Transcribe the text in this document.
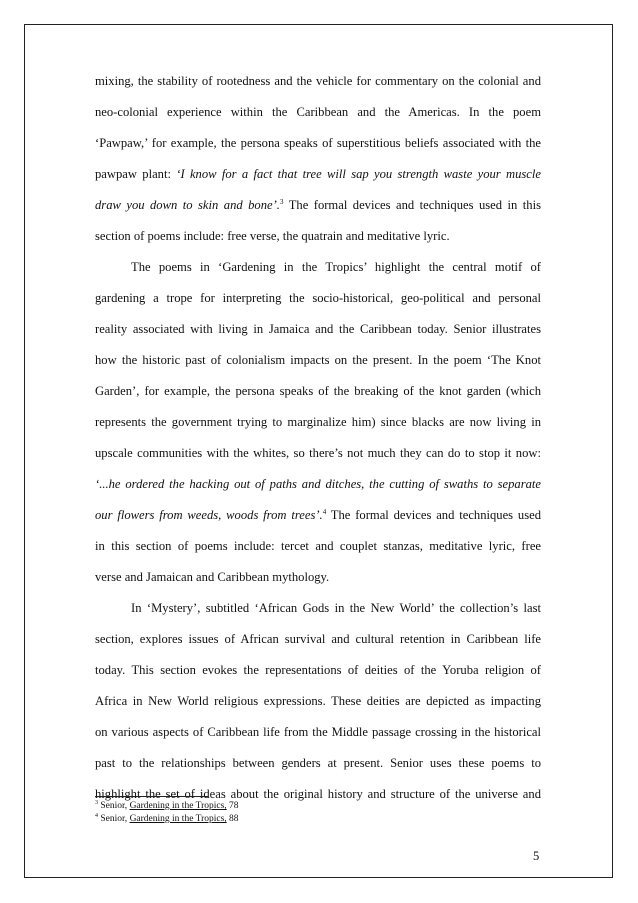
mixing, the stability of rootedness and the vehicle for commentary on the colonial and
neo-colonial experience within the Caribbean and the Americas. In the poem
‘Pawpaw,’ for example, the persona speaks of superstitious beliefs associated with the
pawpaw plant: ‘I know for a fact that tree will sap you strength waste your muscle
draw you down to skin and bone’.$^3$ The formal devices and techniques used in this
section of poems include: free verse, the quatrain and meditative lyric.
The poems in ‘Gardening in the Tropics’ highlight the central motif of
gardening a trope for interpreting the socio-historical, geo-political and personal
reality associated with living in Jamaica and the Caribbean today. Senior illustrates
how the historic past of colonialism impacts on the present. In the poem ‘The Knot
Garden’, for example, the persona speaks of the breaking of the knot garden (which
represents the government trying to marginalize him) since blacks are now living in
upscale communities with the whites, so there’s not much they can do to stop it now:
‘...he ordered the hacking out of paths and ditches, the cutting of swaths to separate
our flowers from weeds, woods from trees’.$^4$ The formal devices and techniques used
in this section of poems include: tercet and couplet stanzas, meditative lyric, free
verse and Jamaican and Caribbean mythology.
In ‘Mystery’, subtitled ‘African Gods in the New World’ the collection’s last
section, explores issues of African survival and cultural retention in Caribbean life
today. This section evokes the representations of deities of the Yoruba religion of
Africa in New World religious expressions. These deities are depicted as impacting
on various aspects of Caribbean life from the Middle passage crossing in the historical
past to the relationships between genders at present. Senior uses these poems to
highlight the set of ideas about the original history and structure of the universe and
$^3$ Senior, Gardening in the Tropics, 78
$^4$ Senior, Gardening in the Tropics, 88
5
